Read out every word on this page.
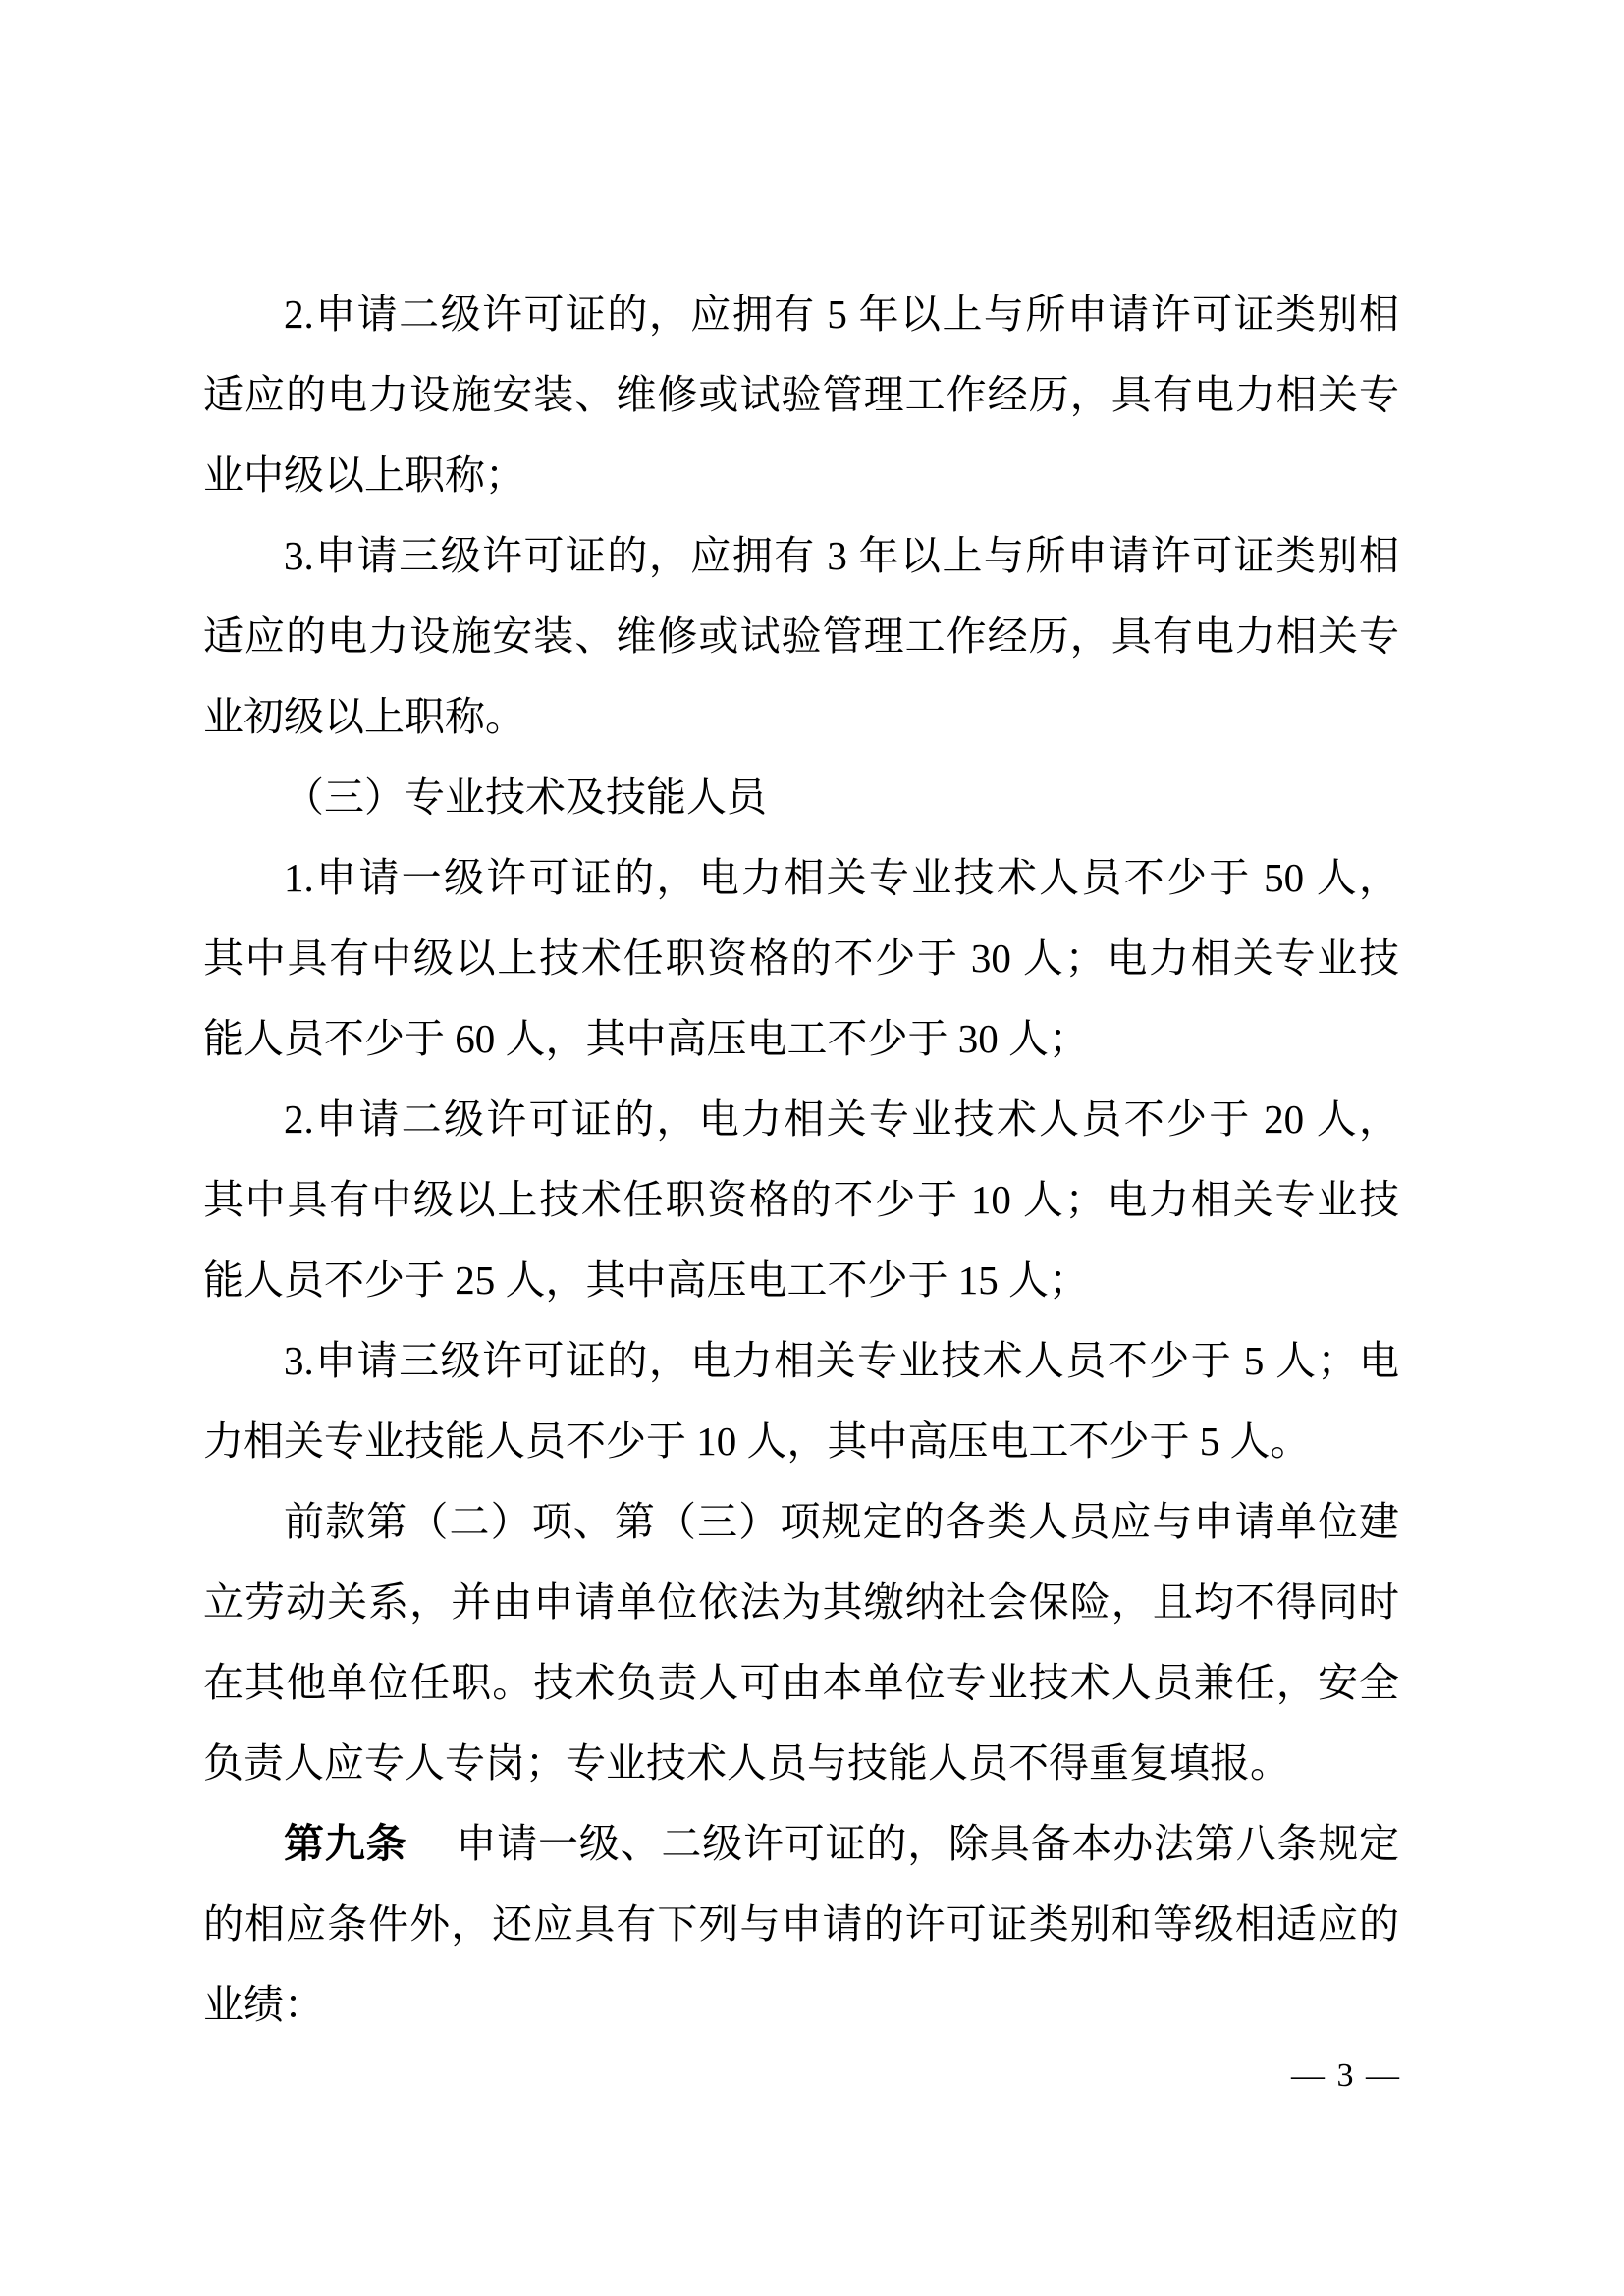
2.申请二级许可证的，应拥有 5 年以上与所申请许可证类别相
适应的电力设施安装、维修或试验管理工作经历，具有电力相关专
业中级以上职称；
3.申请三级许可证的，应拥有 3 年以上与所申请许可证类别相
适应的电力设施安装、维修或试验管理工作经历，具有电力相关专
业初级以上职称。
（三）专业技术及技能人员
1.申请一级许可证的，电力相关专业技术人员不少于 50 人，
其中具有中级以上技术任职资格的不少于 30 人；电力相关专业技
能人员不少于 60 人，其中高压电工不少于 30 人；
2.申请二级许可证的，电力相关专业技术人员不少于 20 人，
其中具有中级以上技术任职资格的不少于 10 人；电力相关专业技
能人员不少于 25 人，其中高压电工不少于 15 人；
3.申请三级许可证的，电力相关专业技术人员不少于 5 人；电
力相关专业技能人员不少于 10 人，其中高压电工不少于 5 人。
前款第（二）项、第（三）项规定的各类人员应与申请单位建
立劳动关系，并由申请单位依法为其缴纳社会保险，且均不得同时
在其他单位任职。技术负责人可由本单位专业技术人员兼任，安全
负责人应专人专岗；专业技术人员与技能人员不得重复填报。
第九条 申请一级、二级许可证的，除具备本办法第八条规定
的相应条件外，还应具有下列与申请的许可证类别和等级相适应的
业绩：
— 3 —
